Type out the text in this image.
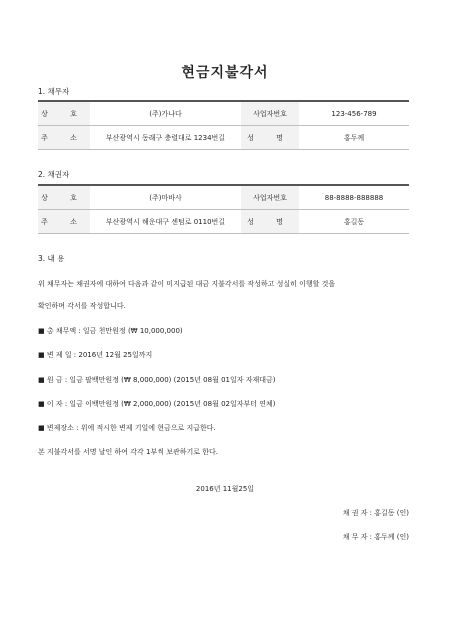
현금지불각서
1. 채무자
상 호	(주)가나다	사업자번호	123-456-789
주 소	부산광역시 동래구 충렬대로 1234번길	성 명	홍두께
2. 채권자
상 호	(주)마바사	사업자번호	88-8888-888888
주 소	부산광역시 해운대구 센텀로 0110번길	성 명	홍길동
3. 내 용
위 채무자는 채권자에 대하여 다음과 같이 미지급된 대금 지불각서를 작성하고 성실히 이행할 것을
확인하며 각서를 작성합니다.
■ 총 채무액 : 일금 천만원정 (₩ 10,000,000)
■ 변 제 일 : 2016년 12월 25일까지
■ 원 금 : 일금 팔백만원정 (₩ 8,000,000) (2015년 08월 01일자 자재대금)
■ 이 자 : 일금 이백만원정 (₩ 2,000,000) (2015년 08월 02일자부터 연체)
■ 변제장소 : 위에 적시한 변제 기일에 현금으로 지급한다.
본 지불각서를 서명 날인 하여 각각 1부씩 보관하기로 한다.
2016년 11월25일
채 권 자 : 홍길동 (인)
채 무 자 : 홍두께 (인)
